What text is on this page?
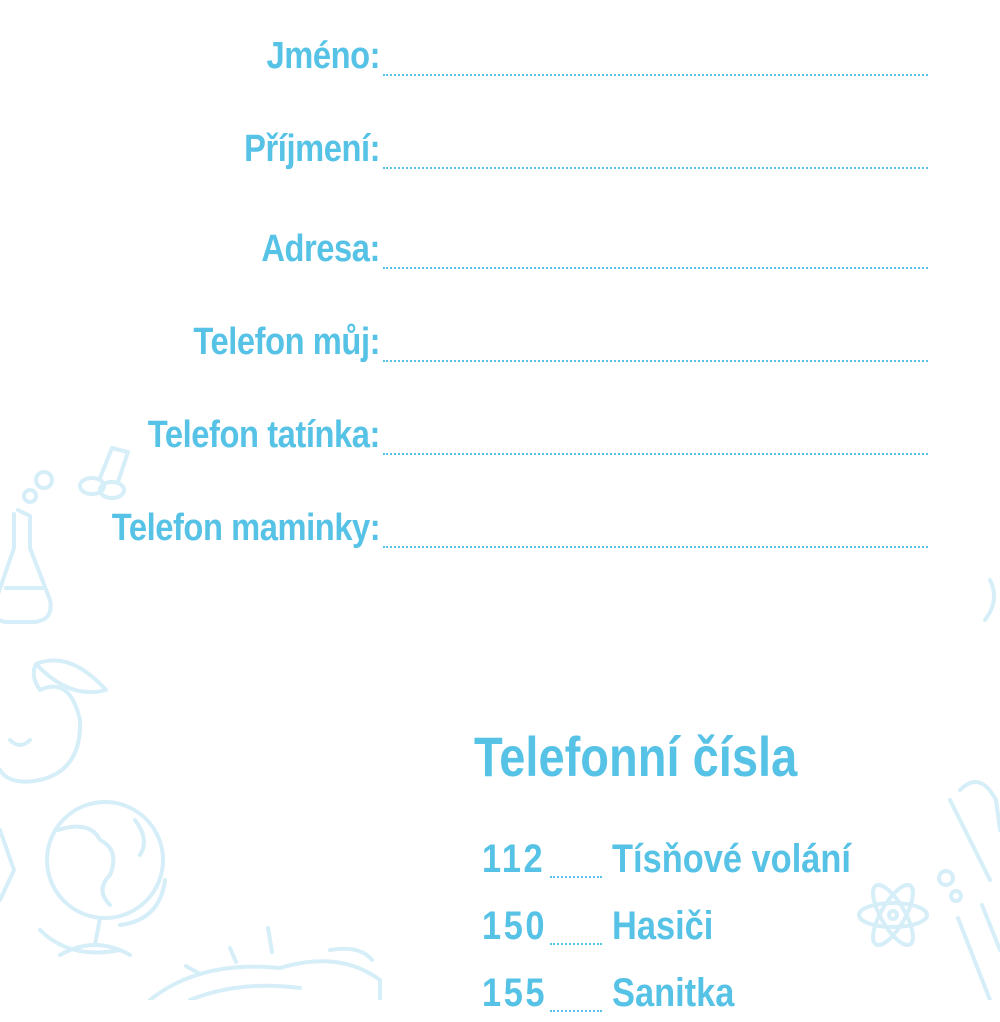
Jméno:
Příjmení:
Adresa:
Telefon můj:
Telefon tatínka:
Telefon maminky:
Telefonní čísla
112 Tísňové volání
150 Hasiči
155 Sanitka
